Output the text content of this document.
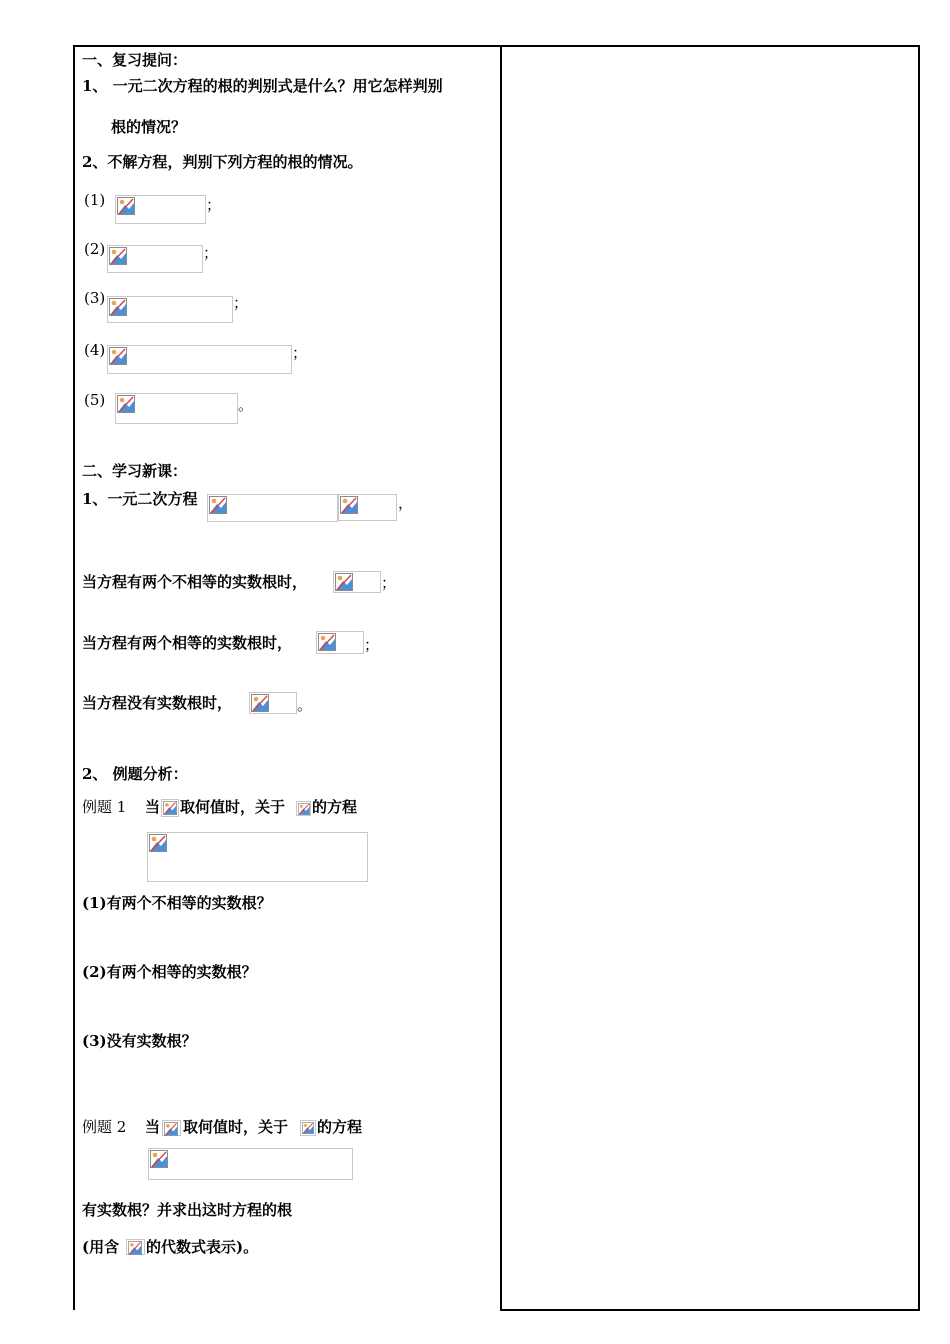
一、复习提问：
1、 一元二次方程的根的判别式是什么？用它怎样判别
根的情况？
2、不解方程，判别下列方程的根的情况。
(1)	；
(2)	；
(3)	；
(4)	；
(5)	。
二、学习新课：
1、一元二次方程	，
当方程有两个不相等的实数根时，	；
当方程有两个相等的实数根时，	；
当方程没有实数根时，	。
2、 例题分析：
例题 1 当 取何值时，关于 的方程
(1)有两个不相等的实数根？
(2)有两个相等的实数根？
(3)没有实数根？
例题 2 当 取何值时，关于 的方程
有实数根？并求出这时方程的根
(用含 的代数式表示)。
